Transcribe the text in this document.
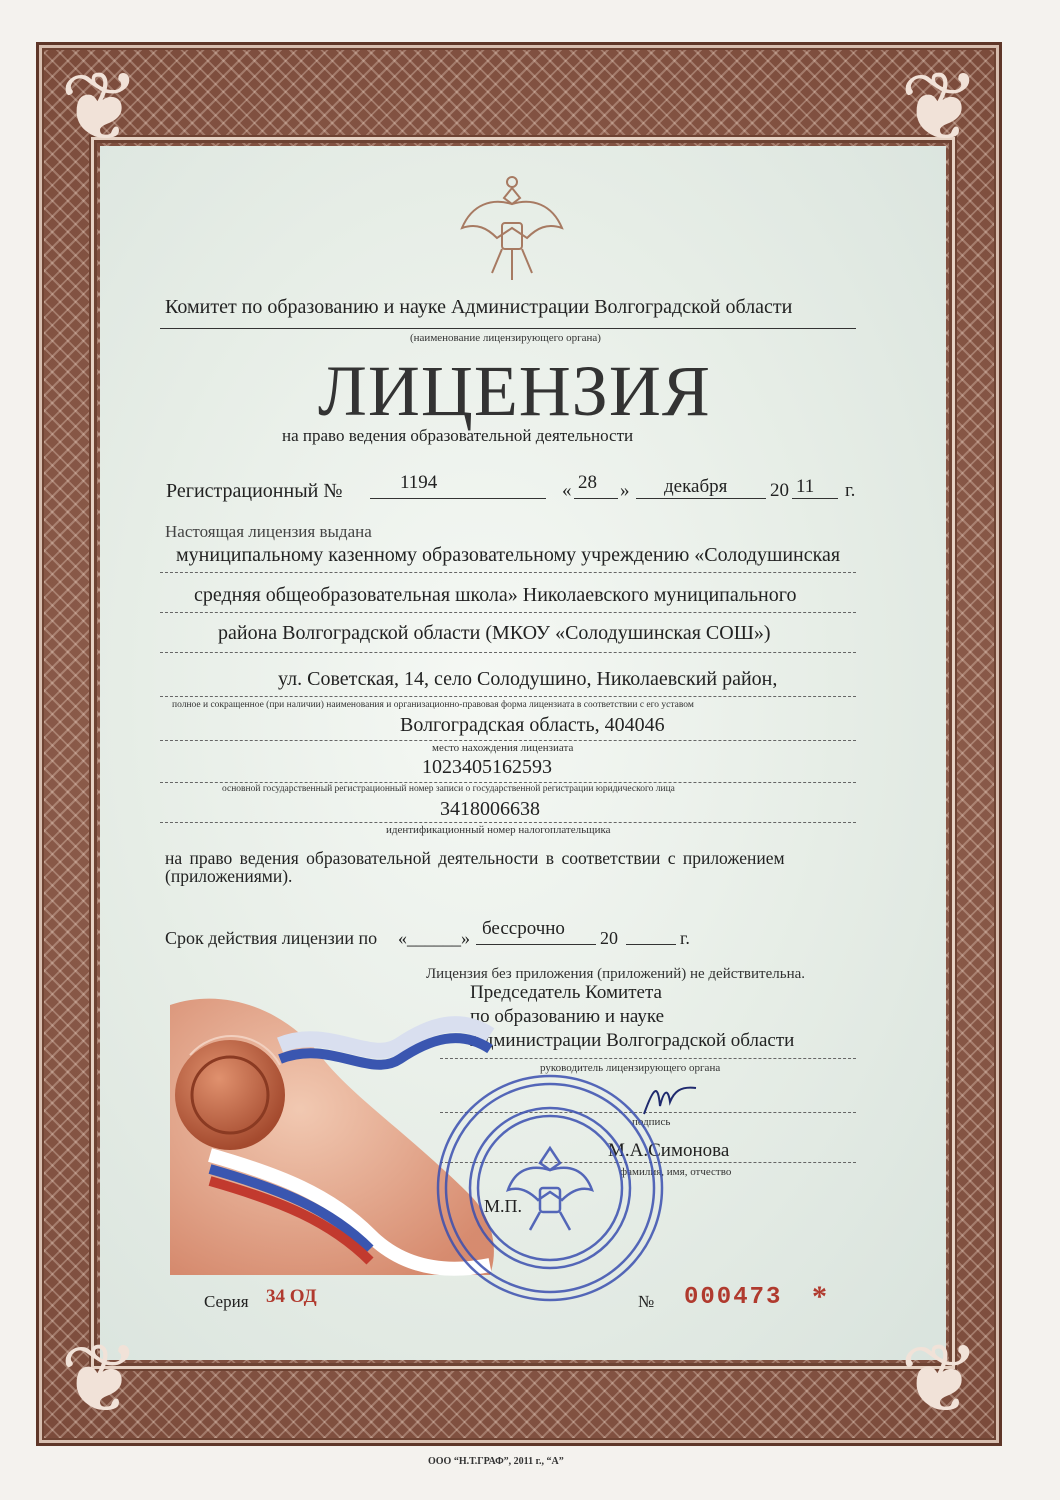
❦	❦
❦	❦
Комитет по образованию и науке Администрации Волгоградской области
(наименование лицензирующего органа)
ЛИЦЕНЗИЯ
на право ведения образовательной деятельности
Регистрационный №	1194	« 28 » декабря 20 11 г.
Настоящая лицензия выдана
муниципальному казенному образовательному учреждению «Солодушинская
средняя общеобразовательная школа» Николаевского муниципального
района Волгоградской области (МКОУ «Солодушинская СОШ»)
ул. Советская, 14, село Солодушино, Николаевский район,
полное и сокращенное (при наличии) наименования и организационно-правовая форма лицензиата в соответствии с его уставом
Волгоградская область, 404046
место нахождения лицензиата
1023405162593
основной государственный регистрационный номер записи о государственной регистрации юридического лица
3418006638
идентификационный номер налогоплательщика
на право ведения образовательной деятельности в соответствии с приложением
(приложениями).
Срок действия лицензии по «______» бессрочно 20	г.
Лицензия без приложения (приложений) не действительна.
Председатель Комитета
по образованию и науке
Администрации Волгоградской области
руководитель лицензирующего органа
подпись
М.А.Симонова
фамилия, имя, отчество
М.П.
Серия 34 ОД	№ 000473 *
ООО “Н.Т.ГРАФ”, 2011 г., “А”
